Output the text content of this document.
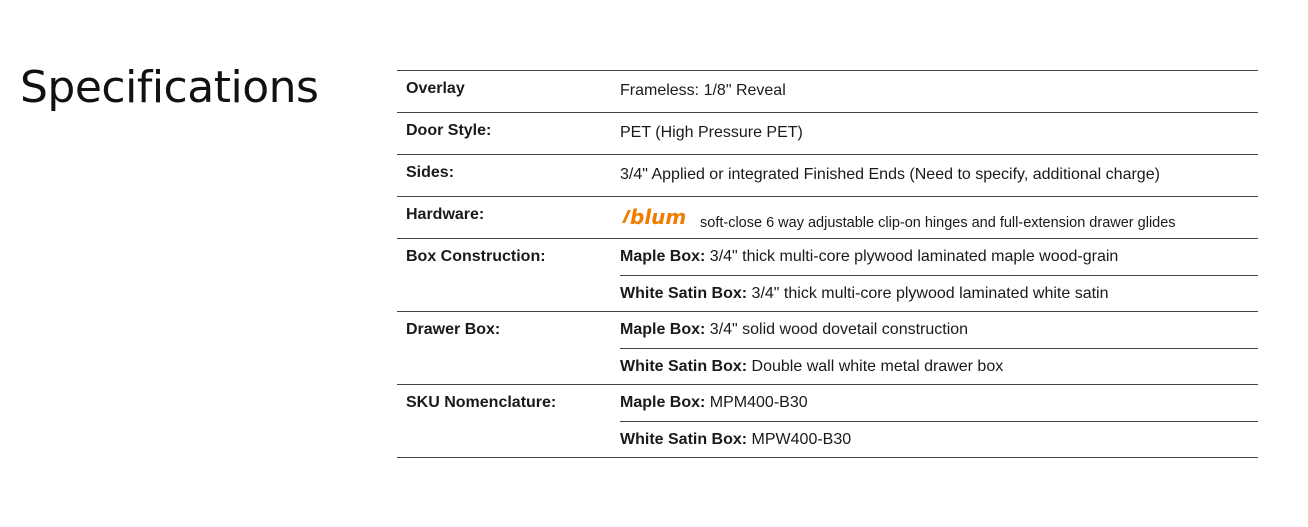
Specifications	Overlay	Frameless: 1/8" Reveal
Door Style:	PET (High Pressure PET)
Sides:	3/4" Applied or integrated Finished Ends (Need to specify, additional charge)
Hardware:	blum soft-close 6 way adjustable clip-on hinges and full-extension drawer glides
Box Construction:	Maple Box: 3/4" thick multi-core plywood laminated maple wood-grain
White Satin Box: 3/4" thick multi-core plywood laminated white satin
Drawer Box:	Maple Box: 3/4" solid wood dovetail construction
White Satin Box: Double wall white metal drawer box
SKU Nomenclature:	Maple Box: MPM400-B30
White Satin Box: MPW400-B30
